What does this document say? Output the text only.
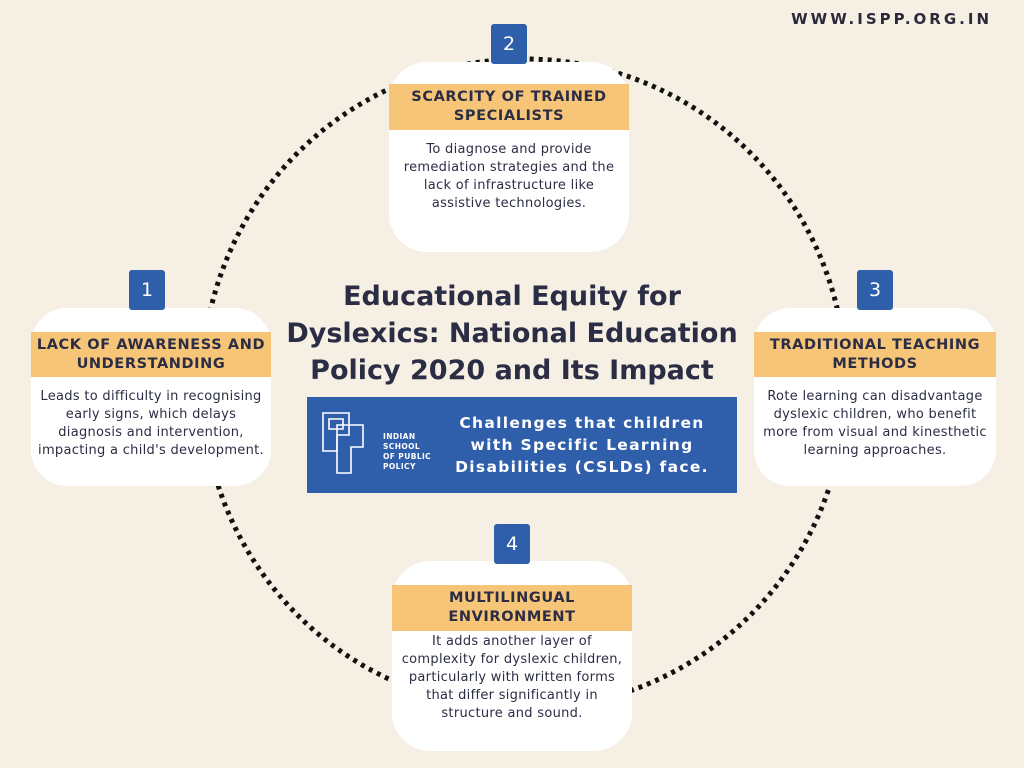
WWW.ISPP.ORG.IN
SCARCITY OF TRAINED SPECIALISTS
To diagnose and provide remediation strategies and the lack of infrastructure like assistive technologies.
2
LACK OF AWARENESS AND UNDERSTANDING
Leads to difficulty in recognising early signs, which delays diagnosis and intervention, impacting a child's development.
1
TRADITIONAL TEACHING METHODS
Rote learning can disadvantage dyslexic children, who benefit more from visual and kinesthetic learning approaches.
3
MULTILINGUAL ENVIRONMENT
It adds another layer of complexity for dyslexic children, particularly with written forms that differ significantly in structure and sound.
4
Educational Equity for Dyslexics: National Education Policy 2020 and Its Impact
INDIAN
SCHOOL
OF PUBLIC
POLICY
Challenges that children with Specific Learning Disabilities (CSLDs) face.
